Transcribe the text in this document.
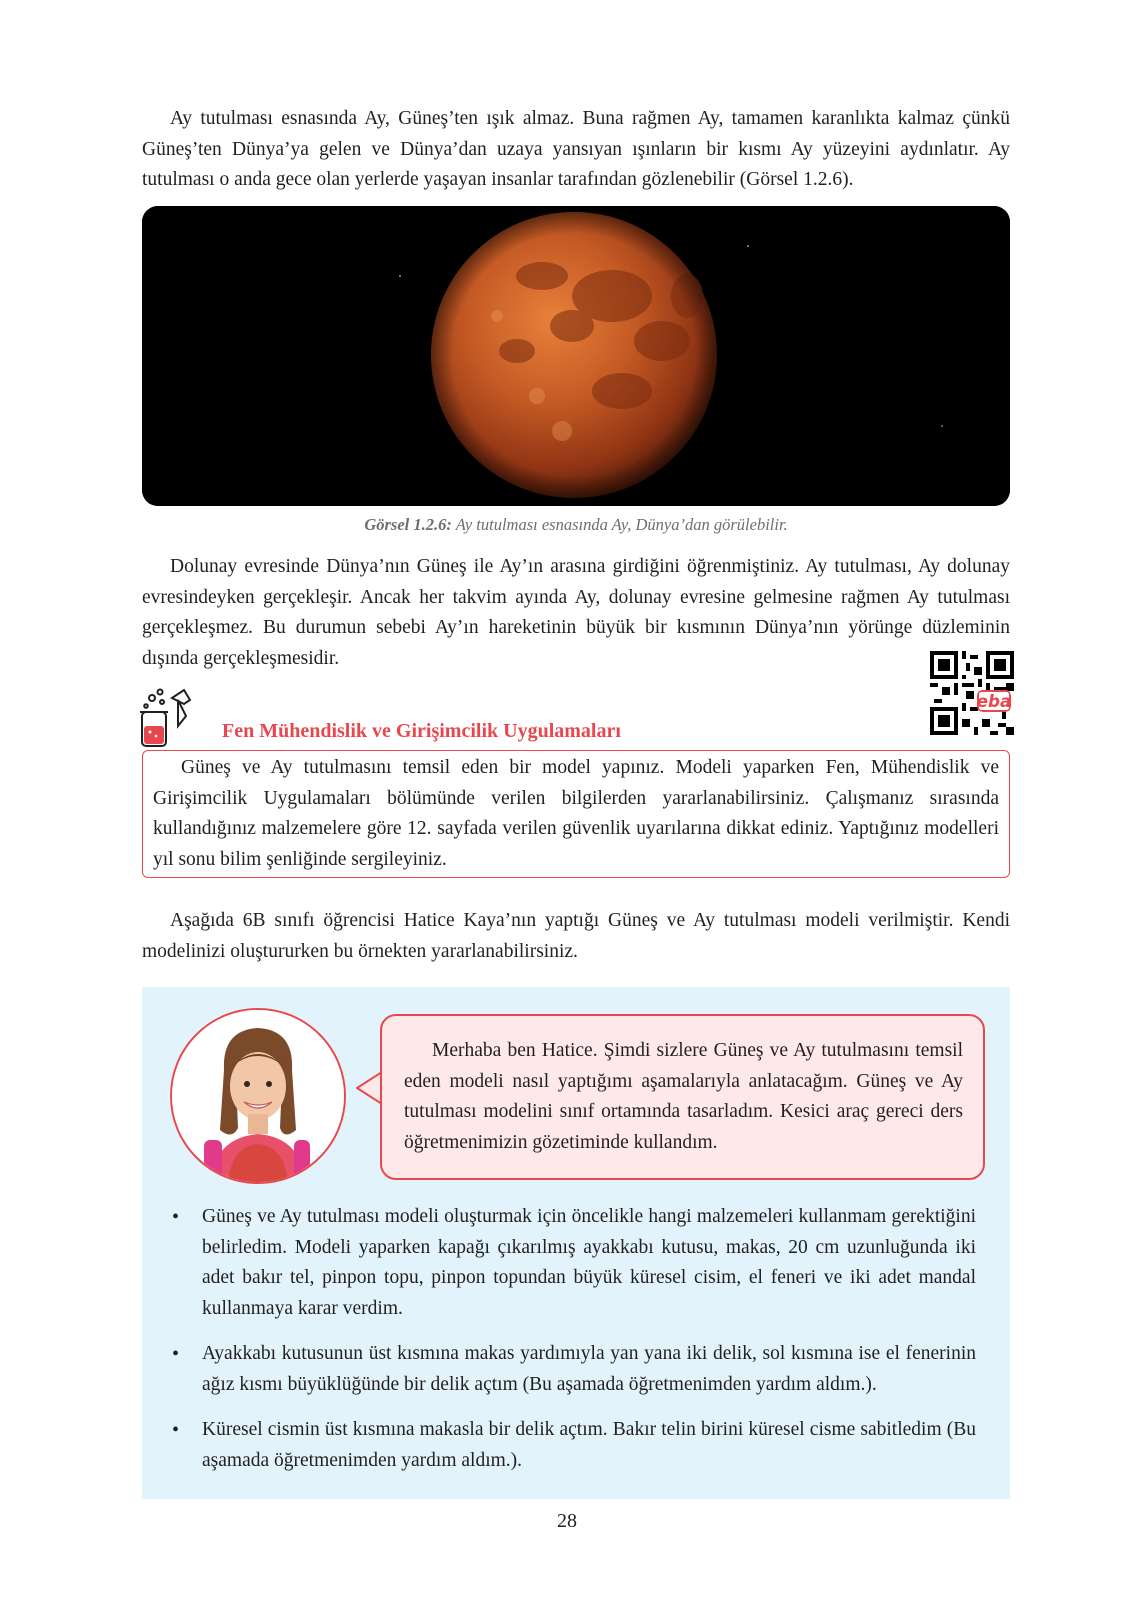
Ay tutulması esnasında Ay, Güneş’ten ışık almaz. Buna rağmen Ay, tamamen karanlıkta kalmaz çünkü Güneş’ten Dünya’ya gelen ve Dünya’dan uzaya yansıyan ışınların bir kısmı Ay yüzeyini aydınlatır. Ay tutulması o anda gece olan yerlerde yaşayan insanlar tarafından gözlenebilir (Görsel 1.2.6).

Görsel 1.2.6: Ay tutulması esnasında Ay, Dünya’dan görülebilir.

Dolunay evresinde Dünya’nın Güneş ile Ay’ın arasına girdiğini öğrenmiştiniz. Ay tutulması, Ay dolunay evresindeyken gerçekleşir. Ancak her takvim ayında Ay, dolunay evresine gelmesine rağmen Ay tutulması gerçekleşmez. Bu durumun sebebi Ay’ın hareketinin büyük bir kısmının Dünya’nın yörünge düzleminin dışında gerçekleşmesidir.

eba
Fen Mühendislik ve Girişimcilik Uygulamaları
Güneş ve Ay tutulmasını temsil eden bir model yapınız. Modeli yaparken Fen, Mühendislik ve Girişimcilik Uygulamaları bölümünde verilen bilgilerden yararlanabilirsiniz. Çalışmanız sırasında kullandığınız malzemelere göre 12. sayfada verilen güvenlik uyarılarına dikkat ediniz. Yaptığınız modelleri yıl sonu bilim şenliğinde sergileyiniz.

Aşağıda 6B sınıfı öğrencisi Hatice Kaya’nın yaptığı Güneş ve Ay tutulması modeli verilmiştir. Kendi modelinizi oluştururken bu örnekten yararlanabilirsiniz.

Merhaba ben Hatice. Şimdi sizlere Güneş ve Ay tutulmasını temsil eden modeli nasıl yaptığımı aşamalarıyla anlatacağım. Güneş ve Ay tutulması modelini sınıf ortamında tasarladım. Kesici araç gereci ders öğretmenimizin gözetiminde kullandım.
• Güneş ve Ay tutulması modeli oluşturmak için öncelikle hangi malzemeleri kullanmam gerektiğini belirledim. Modeli yaparken kapağı çıkarılmış ayakkabı kutusu, makas, 20 cm uzunluğunda iki adet bakır tel, pinpon topu, pinpon topundan büyük küresel cisim, el feneri ve iki adet mandal kullanmaya karar verdim.
• Ayakkabı kutusunun üst kısmına makas yardımıyla yan yana iki delik, sol kısmına ise el fenerinin ağız kısmı büyüklüğünde bir delik açtım (Bu aşamada öğretmenimden yardım aldım.).
• Küresel cismin üst kısmına makasla bir delik açtım. Bakır telin birini küresel cisme sabitledim (Bu aşamada öğretmenimden yardım aldım.).
28
